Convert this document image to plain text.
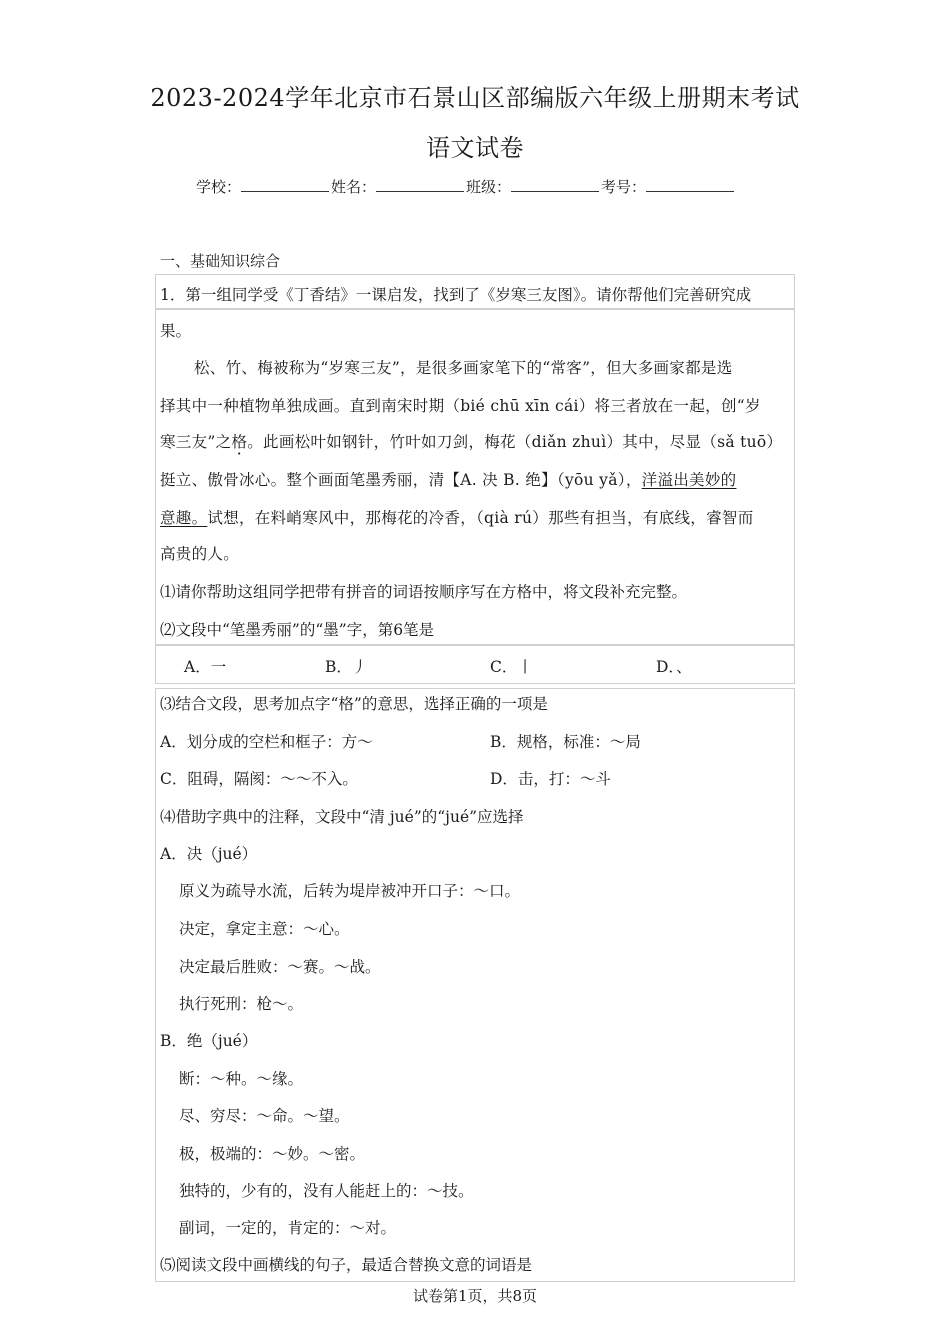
2023-2024学年北京市石景山区部编版六年级上册期末考试
语文试卷
学校：	姓名：	班级：	考号：
一、基础知识综合
1．第一组同学受《丁香结》一课启发，找到了《岁寒三友图》。请你帮他们完善研究成
果。
松、竹、梅被称为“岁寒三友”，是很多画家笔下的“常客”，但大多画家都是选
择其中一种植物单独成画。直到南宋时期（bié chū xīn cái）将三者放在一起，创“岁
寒三友”之格。此画松叶如钢针，竹叶如刀剑，梅花（diǎn zhuì）其中，尽显（sǎ tuō）
挺立、傲骨冰心。整个画面笔墨秀丽，清【A. 决 B. 绝】（yōu yǎ），洋溢出美妙的
意趣。试想，在料峭寒风中，那梅花的冷香，（qià rú）那些有担当，有底线，睿智而
高贵的人。
⑴请你帮助这组同学把带有拼音的词语按顺序写在方格中，将文段补充完整。
⑵文段中“笔墨秀丽”的“墨”字，第6笔是
A．一	B．丿	C．丨	D．、
⑶结合文段，思考加点字“格”的意思，选择正确的一项是
A．划分成的空栏和框子：方～	B．规格，标准：～局
C．阻碍，隔阂：～～不入。	D．击，打：～斗
⑷借助字典中的注释，文段中“清 jué”的“jué”应选择
A．决（jué）
原义为疏导水流，后转为堤岸被冲开口子：～口。
决定，拿定主意：～心。
决定最后胜败：～赛。～战。
执行死刑：枪～。
B．绝（jué）
断：～种。～缘。
尽、穷尽：～命。～望。
极，极端的：～妙。～密。
独特的，少有的，没有人能赶上的：～技。
副词，一定的，肯定的：～对。
⑸阅读文段中画横线的句子，最适合替换文意的词语是
试卷第1页，共8页
